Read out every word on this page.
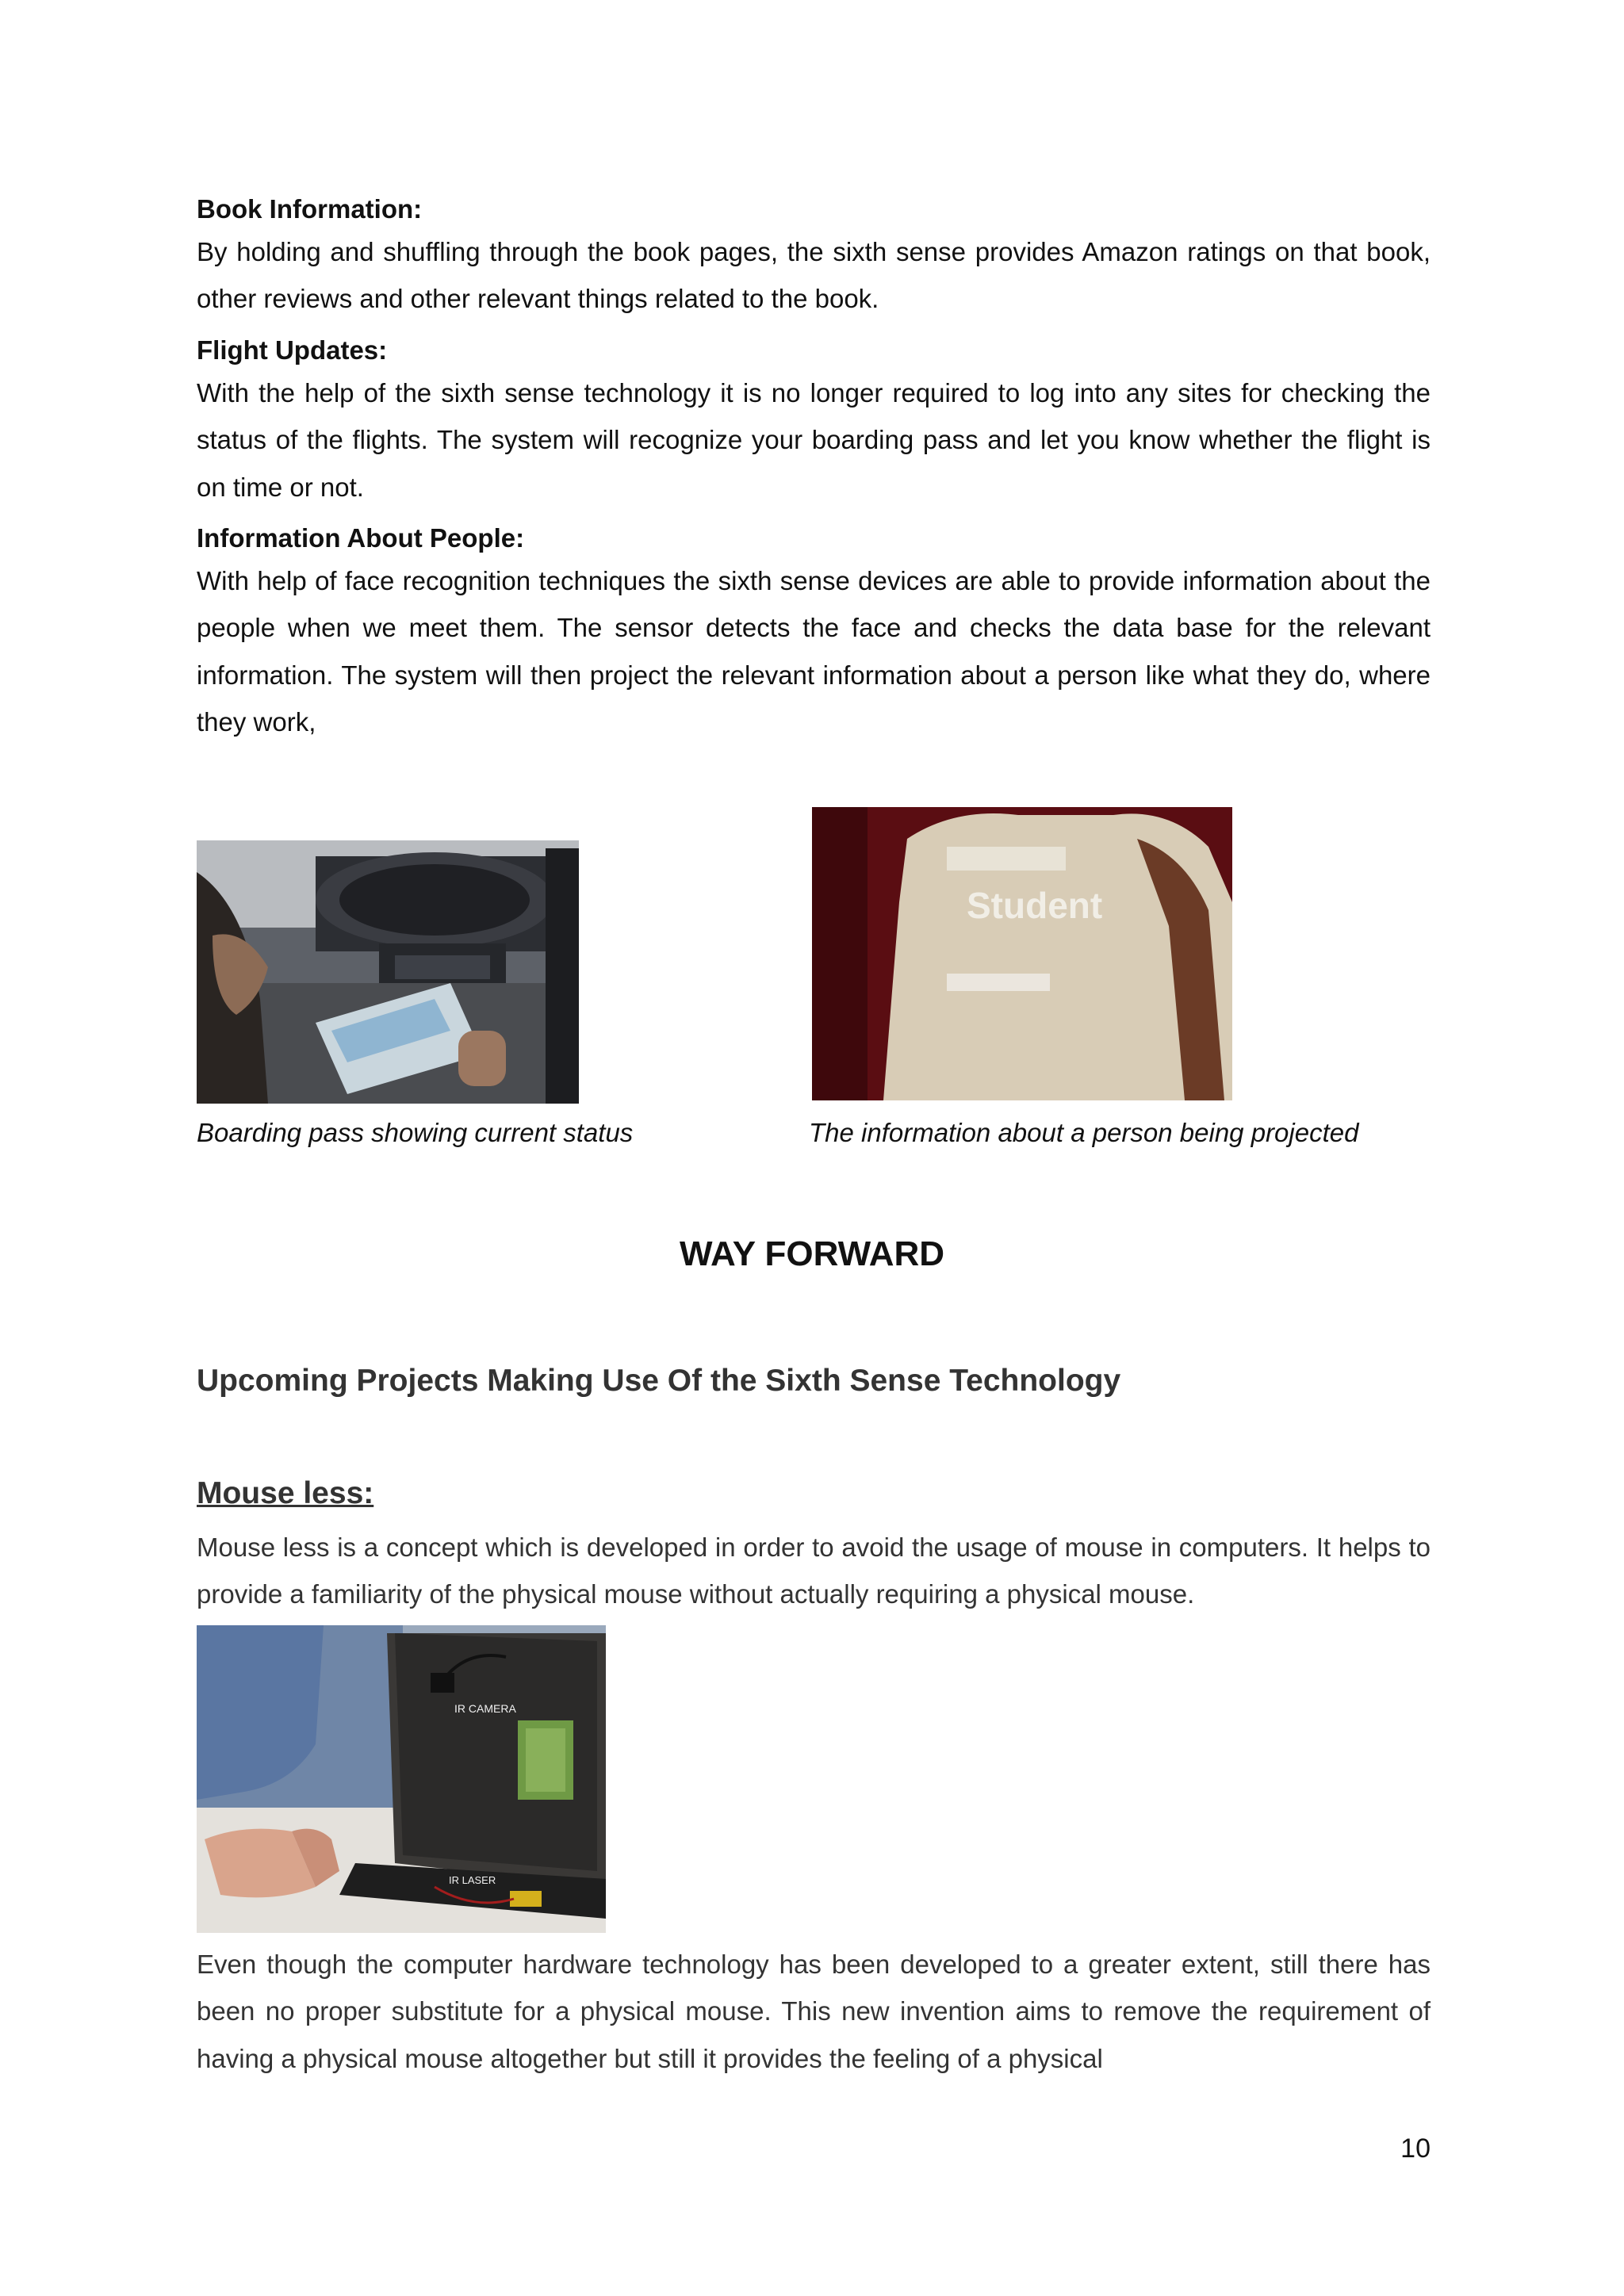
Book Information:
By holding and shuffling through the book pages, the sixth sense provides Amazon ratings on that book, other reviews and other relevant things related to the book.
Flight Updates:
With the help of the sixth sense technology it is no longer required to log into any sites for checking the status of the flights. The system will recognize your boarding pass and let you know whether the flight is on time or not.
Information About People:
With help of face recognition techniques the sixth sense devices are able to provide information about the people when we meet them. The sensor detects the face and checks the data base for the relevant information. The system will then project the relevant information about a person like what they do, where they work,
Student
Boarding pass showing current status	The information about a person being projected
WAY FORWARD
Upcoming Projects Making Use Of the Sixth Sense Technology
Mouse less:
Mouse less is a concept which is developed in order to avoid the usage of mouse in computers. It helps to provide a familiarity of the physical mouse without actually requiring a physical mouse.
IR CAMERA
IR LASER
Even though the computer hardware technology has been developed to a greater extent, still there has been no proper substitute for a physical mouse. This new invention aims to remove the requirement of having a physical mouse altogether but still it provides the feeling of a physical
10
